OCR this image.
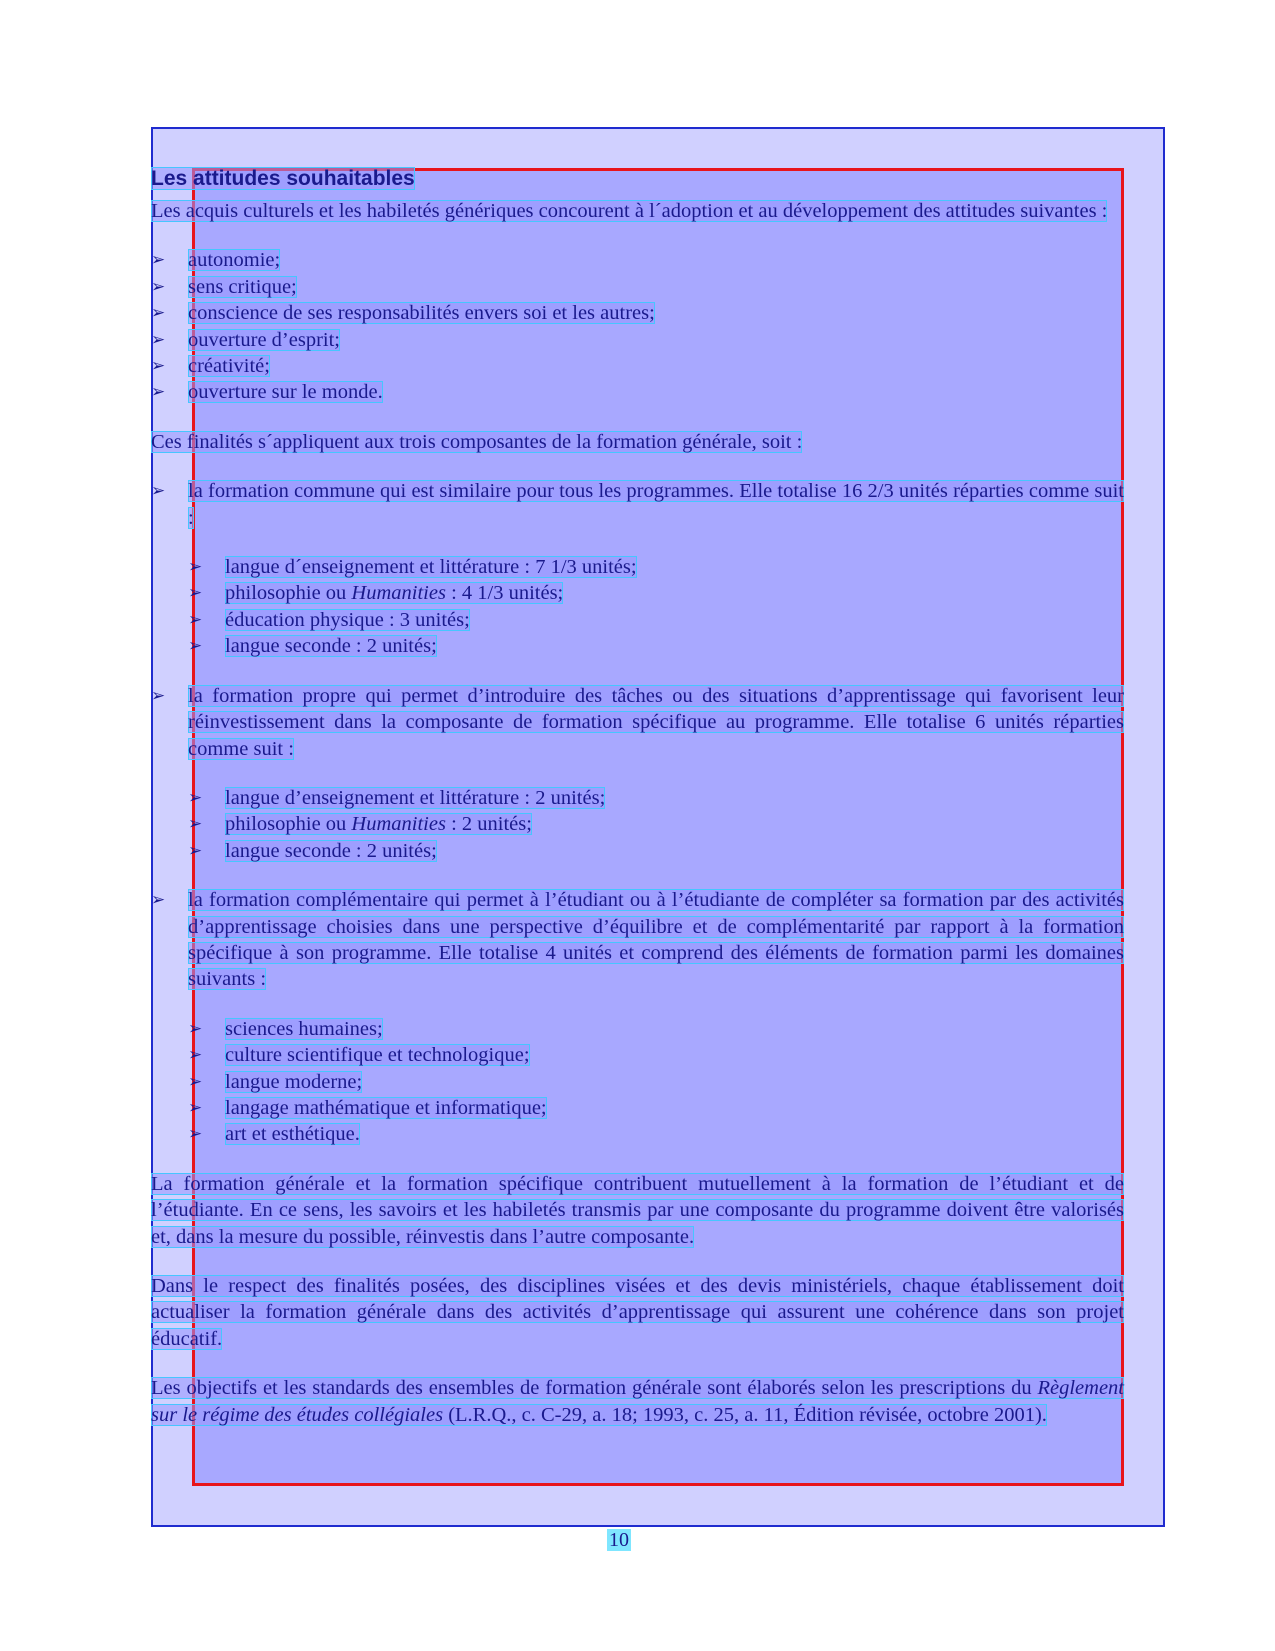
Les attitudes souhaitables

Les acquis culturels et les habiletés génériques concourent à l´adoption et au développement des attitudes suivantes :

➢ autonomie;
➢ sens critique;
➢ conscience de ses responsabilités envers soi et les autres;
➢ ouverture d’esprit;
➢ créativité;
➢ ouverture sur le monde.

Ces finalités s´appliquent aux trois composantes de la formation générale, soit :

➢ la formation commune qui est similaire pour tous les programmes. Elle totalise 16 2/3 unités réparties comme suit :

➢ langue d´enseignement et littérature : 7 1/3 unités;
➢ philosophie ou Humanities : 4 1/3 unités;
➢ éducation physique : 3 unités;
➢ langue seconde : 2 unités;
➢ la formation propre qui permet d’introduire des tâches ou des situations d’apprentissage qui favorisent leur réinvestissement dans la composante de formation spécifique au programme. Elle totalise 6 unités réparties comme suit :

➢ langue d’enseignement et littérature : 2 unités;
➢ philosophie ou Humanities : 2 unités;
➢ langue seconde : 2 unités;
➢ la formation complémentaire qui permet à l’étudiant ou à l’étudiante de compléter sa formation par des activités d’apprentissage choisies dans une perspective d’équilibre et de complémentarité par rapport à la formation spécifique à son programme. Elle totalise 4 unités et comprend des éléments de formation parmi les domaines suivants :

➢ sciences humaines;
➢ culture scientifique et technologique;
➢ langue moderne;
➢ langage mathématique et informatique;
➢ art et esthétique.

La formation générale et la formation spécifique contribuent mutuellement à la formation de l’étudiant et de l’étudiante. En ce sens, les savoirs et les habiletés transmis par une composante du programme doivent être valorisés et, dans la mesure du possible, réinvestis dans l’autre composante.

Dans le respect des finalités posées, des disciplines visées et des devis ministériels, chaque établissement doit actualiser la formation générale dans des activités d’apprentissage qui assurent une cohérence dans son projet éducatif.

Les objectifs et les standards des ensembles de formation générale sont élaborés selon les prescriptions du Règlement sur le régime des études collégiales (L.R.Q., c. C-29, a. 18; 1993, c. 25, a. 11, Édition révisée, octobre 2001).

10
